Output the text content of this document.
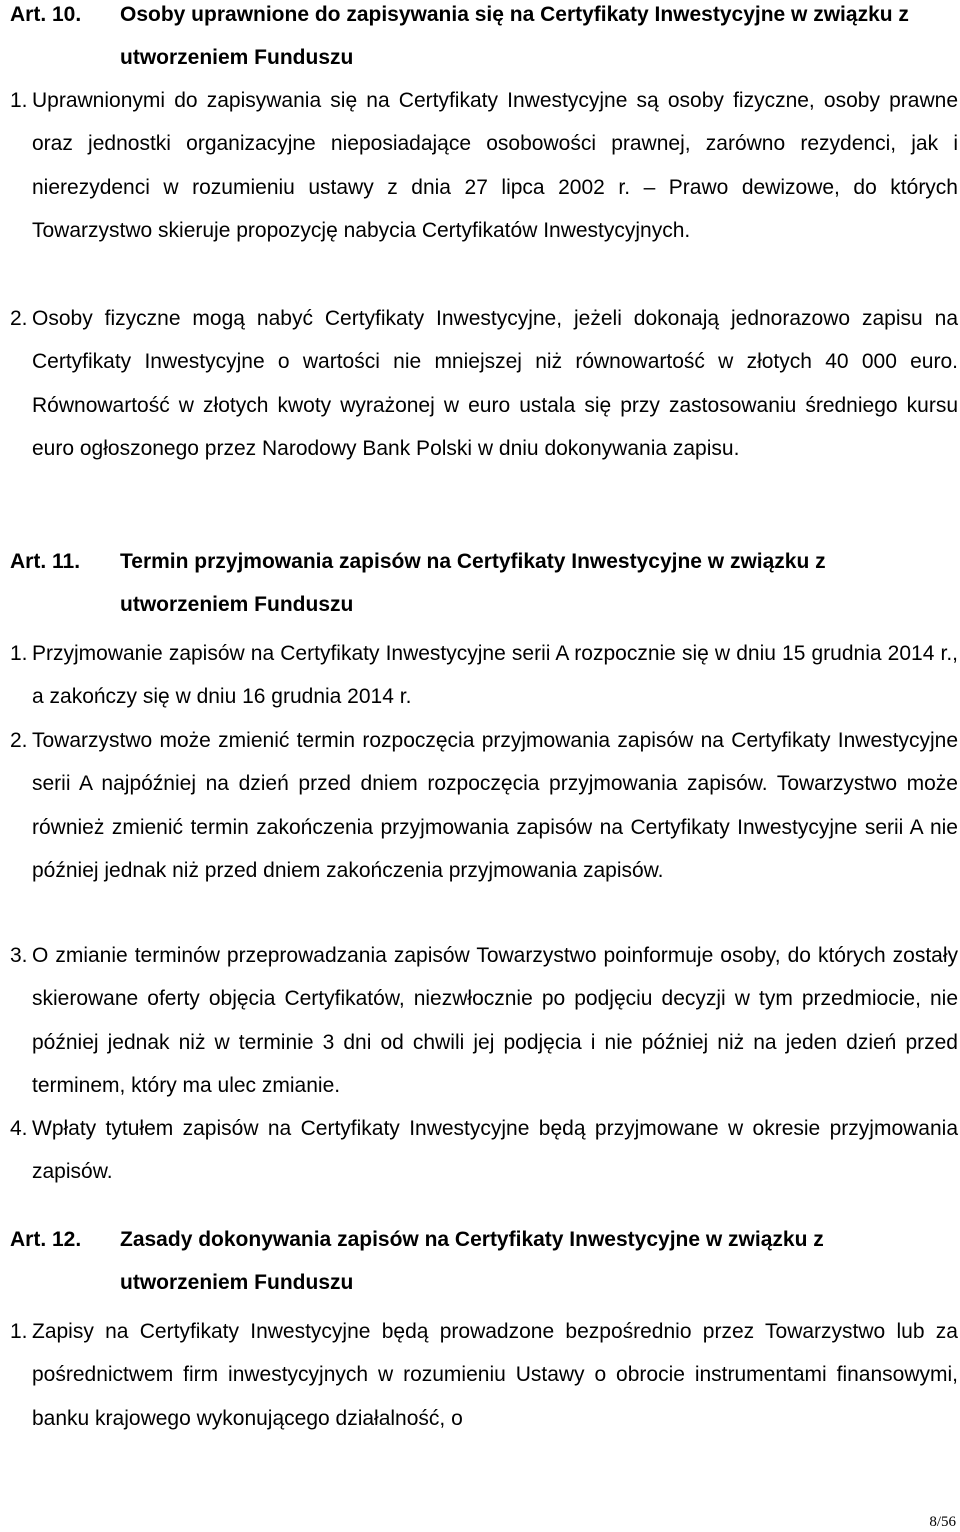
Art. 10. Osoby uprawnione do zapisywania się na Certyfikaty Inwestycyjne w związku z utworzeniem Funduszu
1. Uprawnionymi do zapisywania się na Certyfikaty Inwestycyjne są osoby fizyczne, osoby prawne oraz jednostki organizacyjne nieposiadające osobowości prawnej, zarówno rezydenci, jak i nierezydenci w rozumieniu ustawy z dnia 27 lipca 2002 r. – Prawo dewizowe, do których Towarzystwo skieruje propozycję nabycia Certyfikatów Inwestycyjnych.
2. Osoby fizyczne mogą nabyć Certyfikaty Inwestycyjne, jeżeli dokonają jednorazowo zapisu na Certyfikaty Inwestycyjne o wartości nie mniejszej niż równowartość w złotych 40 000 euro. Równowartość w złotych kwoty wyrażonej w euro ustala się przy zastosowaniu średniego kursu euro ogłoszonego przez Narodowy Bank Polski w dniu dokonywania zapisu.
Art. 11. Termin przyjmowania zapisów na Certyfikaty Inwestycyjne w związku z utworzeniem Funduszu
1. Przyjmowanie zapisów na Certyfikaty Inwestycyjne serii A rozpocznie się w dniu 15 grudnia 2014 r., a zakończy się w dniu 16 grudnia 2014 r.
2. Towarzystwo może zmienić termin rozpoczęcia przyjmowania zapisów na Certyfikaty Inwestycyjne serii A najpóźniej na dzień przed dniem rozpoczęcia przyjmowania zapisów. Towarzystwo może również zmienić termin zakończenia przyjmowania zapisów na Certyfikaty Inwestycyjne serii A nie później jednak niż przed dniem zakończenia przyjmowania zapisów.
3. O zmianie terminów przeprowadzania zapisów Towarzystwo poinformuje osoby, do których zostały skierowane oferty objęcia Certyfikatów, niezwłocznie po podjęciu decyzji w tym przedmiocie, nie później jednak niż w terminie 3 dni od chwili jej podjęcia i nie później niż na jeden dzień przed terminem, który ma ulec zmianie.
4. Wpłaty tytułem zapisów na Certyfikaty Inwestycyjne będą przyjmowane w okresie przyjmowania zapisów.
Art. 12. Zasady dokonywania zapisów na Certyfikaty Inwestycyjne w związku z utworzeniem Funduszu
1. Zapisy na Certyfikaty Inwestycyjne będą prowadzone bezpośrednio przez Towarzystwo lub za pośrednictwem firm inwestycyjnych w rozumieniu Ustawy o obrocie instrumentami finansowymi, banku krajowego wykonującego działalność, o
8/56
